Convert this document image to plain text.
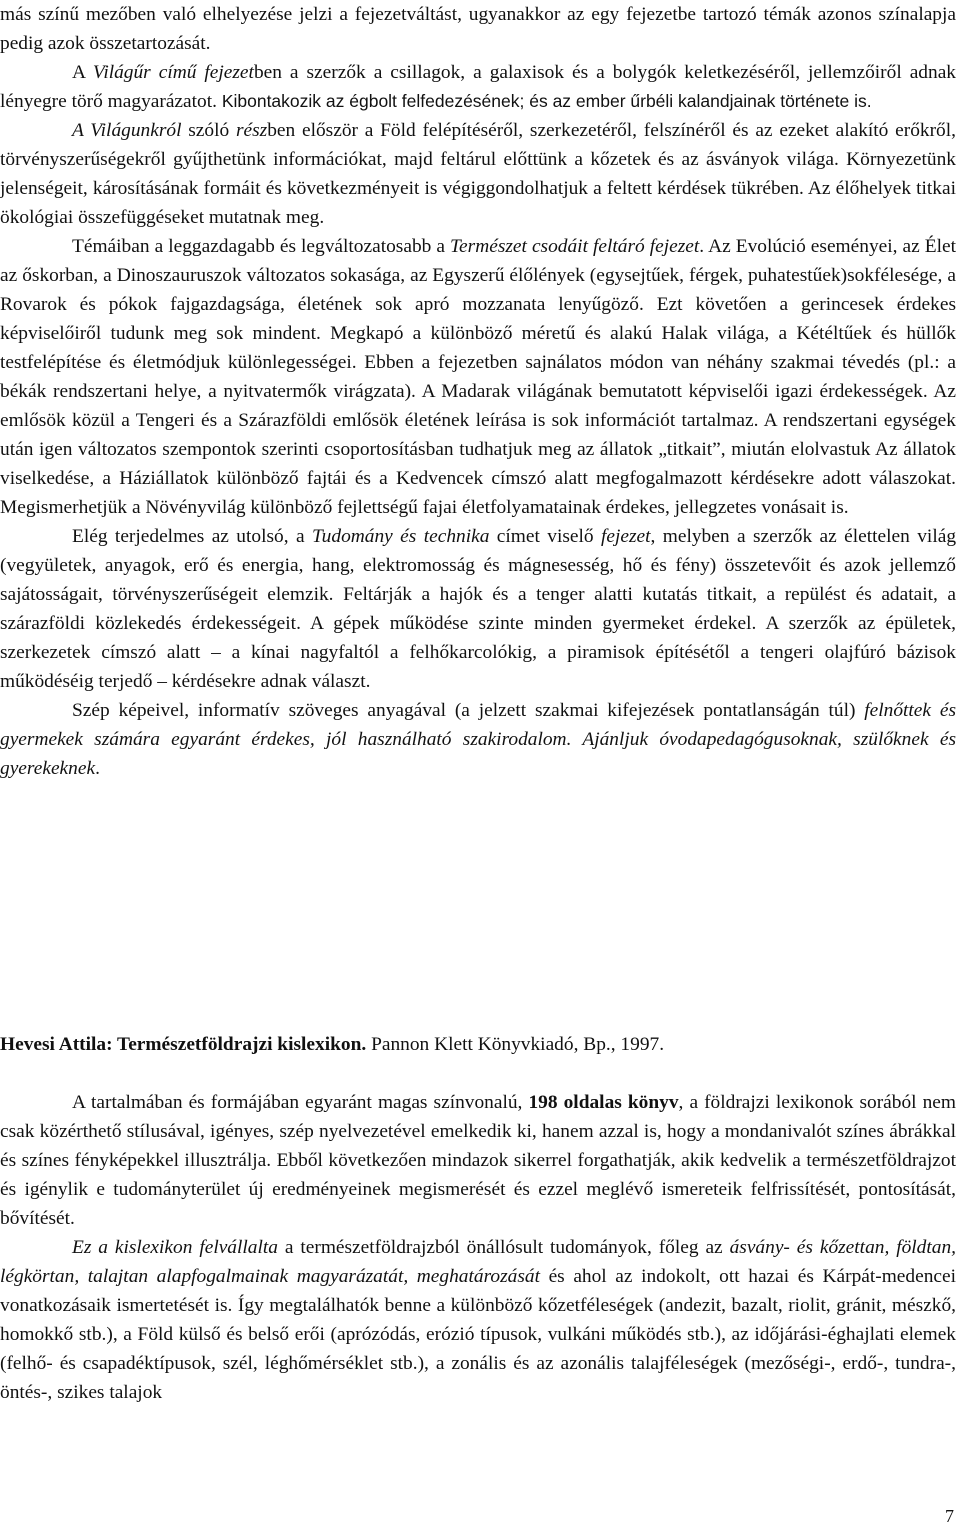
más színű mezőben való elhelyezése jelzi a fejezetváltást, ugyanakkor az egy fejezetbe tartozó témák azonos színalapja pedig azok összetartozását.

A Világűr című fejezetben a szerzők a csillagok, a galaxisok és a bolygók keletkezéséről, jellemzőiről adnak lényegre törő magyarázatot. Kibontakozik az égbolt felfedezésének; és az ember űrbéli kalandjainak története is.

A Világunkról szóló részben először a Föld felépítéséről, szerkezetéről, felszínéről és az ezeket alakító erőkről, törvényszerűségekről gyűjthetünk információkat, majd feltárul előttünk a kőzetek és az ásványok világa. Környezetünk jelenségeit, károsításának formáit és következményeit is végiggondolhatjuk a feltett kérdések tükrében. Az élőhelyek titkai ökológiai összefüggéseket mutatnak meg.

Témáiban a leggazdagabb és legváltozatosabb a Természet csodáit feltáró fejezet. Az Evolúció eseményei, az Élet az őskorban, a Dinoszauruszok változatos sokasága, az Egyszerű élőlények (egysejtűek, férgek, puhatestűek)sokfélesége, a Rovarok és pókok fajgazdagsága, életének sok apró mozzanata lenyűgöző. Ezt követően a gerincesek érdekes képviselőiről tudunk meg sok mindent. Megkapó a különböző méretű és alakú Halak világa, a Kétéltűek és hüllők testfelépítése és életmódjuk különlegességei. Ebben a fejezetben sajnálatos módon van néhány szakmai tévedés (pl.: a békák rendszertani helye, a nyitvatermők virágzata). A Madarak világának bemutatott képviselői igazi érdekességek. Az emlősök közül a Tengeri és a Szárazföldi emlősök életének leírása is sok információt tartalmaz. A rendszertani egységek után igen változatos szempontok szerinti csoportosításban tudhatjuk meg az állatok „titkait”, miután elolvastuk Az állatok viselkedése, a Háziállatok különböző fajtái és a Kedvencek címszó alatt megfogalmazott kérdésekre adott válaszokat. Megismerhetjük a Növényvilág különböző fejlettségű fajai életfolyamatainak érdekes, jellegzetes vonásait is.

Elég terjedelmes az utolsó, a Tudomány és technika címet viselő fejezet, melyben a szerzők az élettelen világ (vegyületek, anyagok, erő és energia, hang, elektromosság és mágnesesség, hő és fény) összetevőit és azok jellemző sajátosságait, törvényszerűségeit elemzik. Feltárják a hajók és a tenger alatti kutatás titkait, a repülést és adatait, a szárazföldi közlekedés érdekességeit. A gépek működése szinte minden gyermeket érdekel. A szerzők az épületek, szerkezetek címszó alatt – a kínai nagyfaltól a felhőkarcolókig, a piramisok építésétől a tengeri olajfúró bázisok működéséig terjedő – kérdésekre adnak választ.

Szép képeivel, informatív szöveges anyagával (a jelzett szakmai kifejezések pontatlanságán túl) felnőttek és gyermekek számára egyaránt érdekes, jól használható szakirodalom. Ajánljuk óvodapedagógusoknak, szülőknek és gyerekeknek.

Hevesi Attila: Természetföldrajzi kislexikon. Pannon Klett Könyvkiadó, Bp., 1997.

A tartalmában és formájában egyaránt magas színvonalú, 198 oldalas könyv, a földrajzi lexikonok sorából nem csak közérthető stílusával, igényes, szép nyelvezetével emelkedik ki, hanem azzal is, hogy a mondanivalót színes ábrákkal és színes fényképekkel illusztrálja. Ebből következően mindazok sikerrel forgathatják, akik kedvelik a természetföldrajzot és igénylik e tudományterület új eredményeinek megismerését és ezzel meglévő ismereteik felfrissítését, pontosítását, bővítését.

Ez a kislexikon felvállalta a természetföldrajzból önállósult tudományok, főleg az ásvány- és kőzettan, földtan, légkörtan, talajtan alapfogalmainak magyarázatát, meghatározását és ahol az indokolt, ott hazai és Kárpát-medencei vonatkozásaik ismertetését is. Így megtalálhatók benne a különböző kőzetféleségek (andezit, bazalt, riolit, gránit, mészkő, homokkő stb.), a Föld külső és belső erői (aprózódás, erózió típusok, vulkáni működés stb.), az időjárási-éghajlati elemek (felhő- és csapadéktípusok, szél, léghőmérséklet stb.), a zonális és az azonális talajféleségek (mezőségi-, erdő-, tundra-, öntés-, szikes talajok

7
